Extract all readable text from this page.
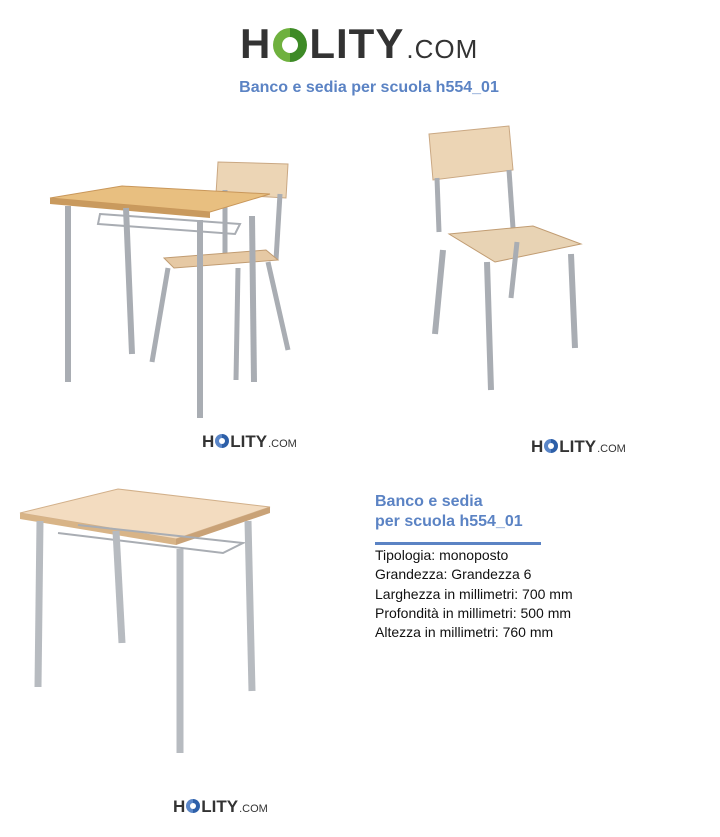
H LITY .COM
Banco e sedia per scuola h554_01
H LITY .COM	H LITY .COM
H LITY .COM
Banco e sedia
per scuola h554_01
Tipologia: monoposto
Grandezza: Grandezza 6
Larghezza in millimetri: 700 mm
Profondità in millimetri: 500 mm
Altezza in millimetri: 760 mm
